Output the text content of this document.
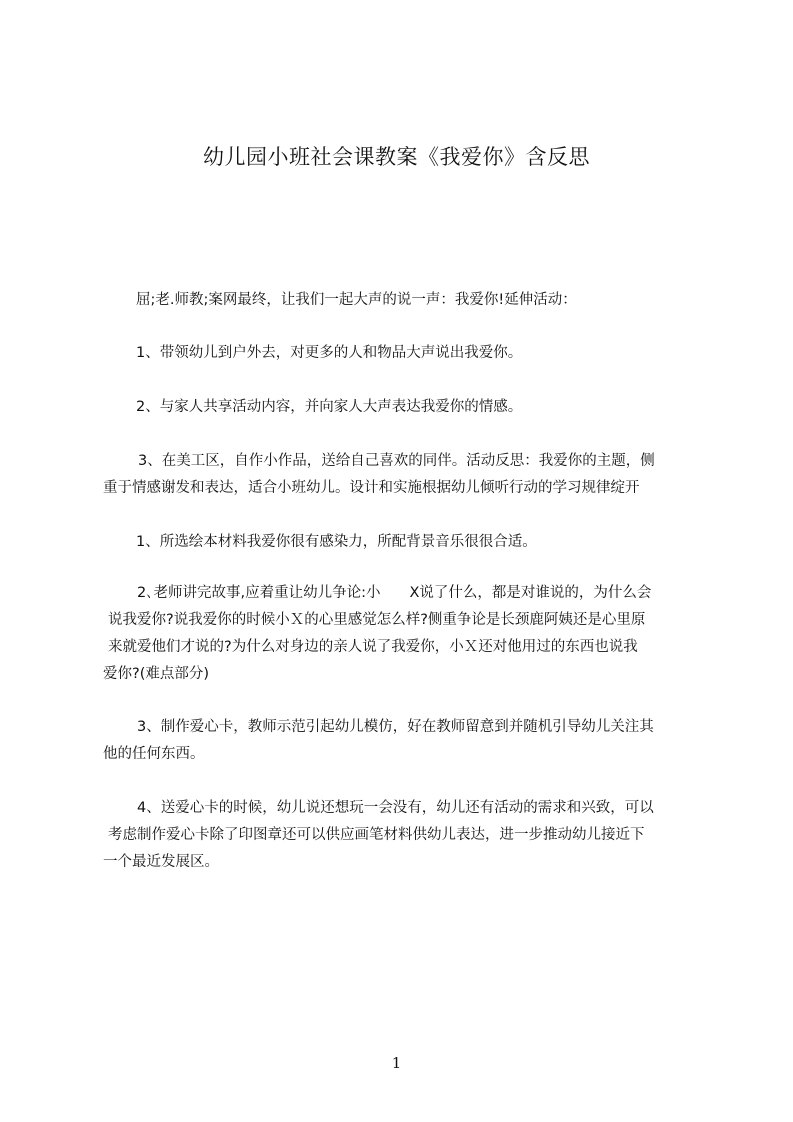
幼儿园小班社会课教案《我爱你》含反思
屈;老.师教;案网最终，让我们一起大声的说一声：我爱你!延伸活动：
1、带领幼儿到户外去，对更多的人和物品大声说出我爱你。
2、与家人共享活动内容，并向家人大声表达我爱你的情感。
3、在美工区，自作小作品，送给自己喜欢的同伴。活动反思：我爱你的主题，侧
重于情感谢发和表达，适合小班幼儿。设计和实施根据幼儿倾听行动的学习规律绽开
1、所选绘本材料我爱你很有感染力，所配背景音乐很很合适。
2､老师讲完故事,应着重让幼儿争论:小　　X说了什么，都是对谁说的，为什么会
说我爱你?说我爱你的时候小Ｘ的心里感觉怎么样?侧重争论是长颈鹿阿姨还是心里原
来就爱他们才说的?为什么对身边的亲人说了我爱你，小Ｘ还对他用过的东西也说我
爱你?(难点部分)
3、制作爱心卡，教师示范引起幼儿模仿，好在教师留意到并随机引导幼儿关注其
他的任何东西。
4、送爱心卡的时候，幼儿说还想玩一会没有，幼儿还有活动的需求和兴致，可以
考虑制作爱心卡除了印图章还可以供应画笔材料供幼儿表达，进一步推动幼儿接近下
一个最近发展区。
1
